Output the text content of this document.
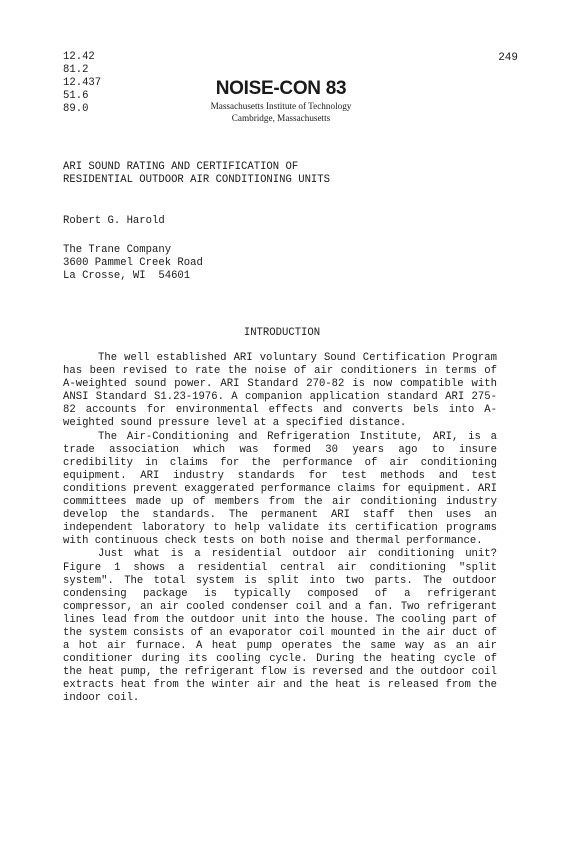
12.42
81.2
12.437
51.6
89.0
249
NOISE-CON 83
Massachusetts Institute of Technology
Cambridge, Massachusetts
ARI SOUND RATING AND CERTIFICATION OF
RESIDENTIAL OUTDOOR AIR CONDITIONING UNITS
Robert G. Harold
The Trane Company
3600 Pammel Creek Road
La Crosse, WI  54601
INTRODUCTION

The well established ARI voluntary Sound Certification Program has been revised to rate the noise of air conditioners in terms of A-weighted sound power. ARI Standard 270-82 is now compatible with ANSI Standard S1.23-1976. A companion application standard ARI 275-82 accounts for environmental effects and converts bels into A-weighted sound pressure level at a specified distance.

The Air-Conditioning and Refrigeration Institute, ARI, is a trade association which was formed 30 years ago to insure credibility in claims for the performance of air conditioning equipment. ARI industry standards for test methods and test conditions prevent exaggerated performance claims for equipment. ARI committees made up of members from the air conditioning industry develop the standards. The permanent ARI staff then uses an independent laboratory to help validate its certification programs with continuous check tests on both noise and thermal performance.

Just what is a residential outdoor air conditioning unit? Figure 1 shows a residential central air conditioning "split system". The total system is split into two parts. The outdoor condensing package is typically composed of a refrigerant compressor, an air cooled condenser coil and a fan. Two refrigerant lines lead from the outdoor unit into the house. The cooling part of the system consists of an evaporator coil mounted in the air duct of a hot air furnace. A heat pump operates the same way as an air conditioner during its cooling cycle. During the heating cycle of the heat pump, the refrigerant flow is reversed and the outdoor coil extracts heat from the winter air and the heat is released from the indoor coil.
